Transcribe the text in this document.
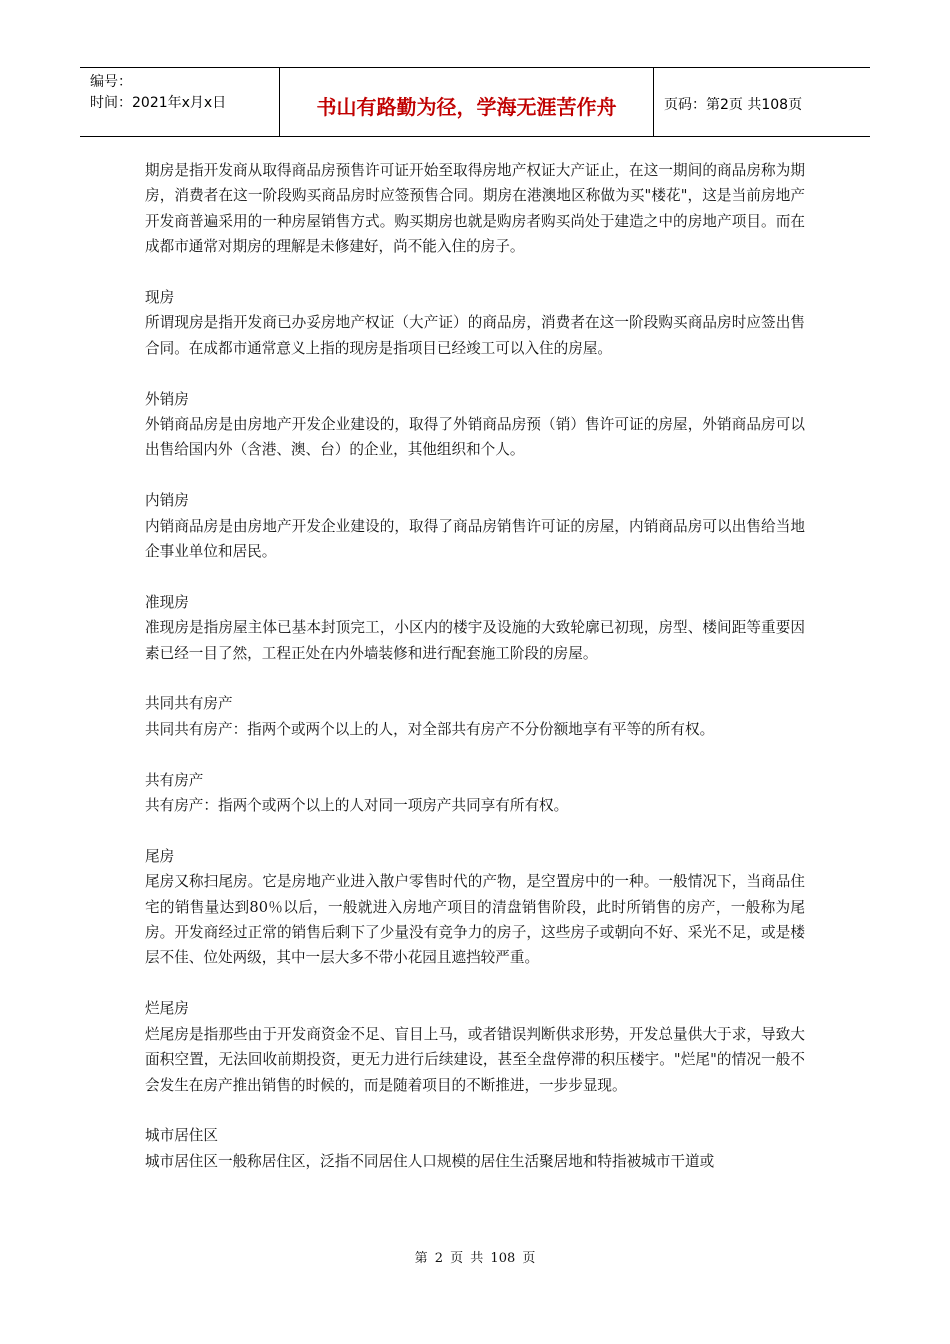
编号：
时间：2021年x月x日	书山有路勤为径，学海无涯苦作舟	页码：第2页 共108页

期房是指开发商从取得商品房预售许可证开始至取得房地产权证大产证止，在这一期间的商品房称为期房，消费者在这一阶段购买商品房时应签预售合同。期房在港澳地区称做为买"楼花"，这是当前房地产开发商普遍采用的一种房屋销售方式。购买期房也就是购房者购买尚处于建造之中的房地产项目。而在成都市通常对期房的理解是未修建好，尚不能入住的房子。

现房

所谓现房是指开发商已办妥房地产权证（大产证）的商品房，消费者在这一阶段购买商品房时应签出售合同。在成都市通常意义上指的现房是指项目已经竣工可以入住的房屋。

外销房

外销商品房是由房地产开发企业建设的，取得了外销商品房预（销）售许可证的房屋，外销商品房可以出售给国内外（含港、澳、台）的企业，其他组织和个人。

内销房

内销商品房是由房地产开发企业建设的，取得了商品房销售许可证的房屋，内销商品房可以出售给当地企事业单位和居民。

准现房

准现房是指房屋主体已基本封顶完工，小区内的楼宇及设施的大致轮廓已初现，房型、楼间距等重要因素已经一目了然，工程正处在内外墙装修和进行配套施工阶段的房屋。

共同共有房产

共同共有房产：指两个或两个以上的人，对全部共有房产不分份额地享有平等的所有权。

共有房产

共有房产：指两个或两个以上的人对同一项房产共同享有所有权。

尾房

尾房又称扫尾房。它是房地产业进入散户零售时代的产物，是空置房中的一种。一般情况下，当商品住宅的销售量达到80％以后，一般就进入房地产项目的清盘销售阶段，此时所销售的房产，一般称为尾房。开发商经过正常的销售后剩下了少量没有竞争力的房子，这些房子或朝向不好、采光不足，或是楼层不佳、位处两级，其中一层大多不带小花园且遮挡较严重。

烂尾房

烂尾房是指那些由于开发商资金不足、盲目上马，或者错误判断供求形势，开发总量供大于求，导致大面积空置，无法回收前期投资，更无力进行后续建设，甚至全盘停滞的积压楼宇。"烂尾"的情况一般不会发生在房产推出销售的时候的，而是随着项目的不断推进，一步步显现。

城市居住区

城市居住区一般称居住区，泛指不同居住人口规模的居住生活聚居地和特指被城市干道或

第 2 页 共 108 页
